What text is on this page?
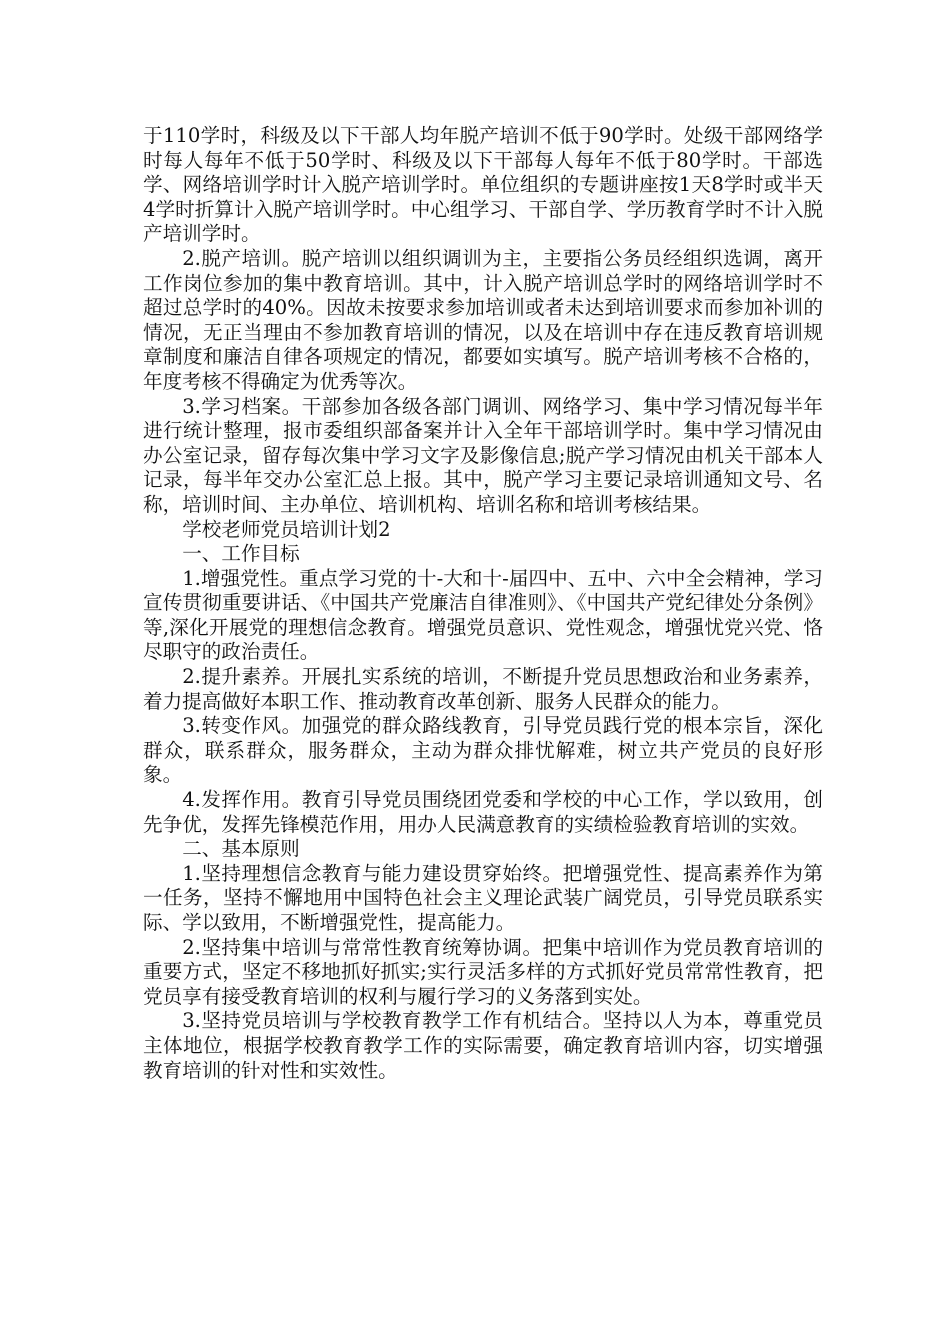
于110学时，科级及以下干部人均年脱产培训不低于90学时。处级干部网络学时每人每年不低于50学时、科级及以下干部每人每年不低于80学时。干部选学、网络培训学时计入脱产培训学时。单位组织的专题讲座按1天8学时或半天4学时折算计入脱产培训学时。中心组学习、干部自学、学历教育学时不计入脱产培训学时。

2.脱产培训。脱产培训以组织调训为主，主要指公务员经组织选调，离开工作岗位参加的集中教育培训。其中，计入脱产培训总学时的网络培训学时不超过总学时的40%。因故未按要求参加培训或者未达到培训要求而参加补训的情况，无正当理由不参加教育培训的情况，以及在培训中存在违反教育培训规章制度和廉洁自律各项规定的情况，都要如实填写。脱产培训考核不合格的，年度考核不得确定为优秀等次。

3.学习档案。干部参加各级各部门调训、网络学习、集中学习情况每半年进行统计整理，报市委组织部备案并计入全年干部培训学时。集中学习情况由办公室记录，留存每次集中学习文字及影像信息;脱产学习情况由机关干部本人记录，每半年交办公室汇总上报。其中，脱产学习主要记录培训通知文号、名称，培训时间、主办单位、培训机构、培训名称和培训考核结果。

学校老师党员培训计划2

一、工作目标

1.增强党性。重点学习党的十-大和十-届四中、五中、六中全会精神，学习宣传贯彻重要讲话、《中国共产党廉洁自律准则》、《中国共产党纪律处分条例》等,深化开展党的理想信念教育。增强党员意识、党性观念，增强忧党兴党、恪尽职守的政治责任。

2.提升素养。开展扎实系统的培训，不断提升党员思想政治和业务素养，着力提高做好本职工作、推动教育改革创新、服务人民群众的能力。

3.转变作风。加强党的群众路线教育，引导党员践行党的根本宗旨，深化群众，联系群众，服务群众，主动为群众排忧解难，树立共产党员的良好形象。

4.发挥作用。教育引导党员围绕团党委和学校的中心工作，学以致用，创先争优，发挥先锋模范作用，用办人民满意教育的实绩检验教育培训的实效。

二、基本原则

1.坚持理想信念教育与能力建设贯穿始终。把增强党性、提高素养作为第一任务，坚持不懈地用中国特色社会主义理论武装广阔党员，引导党员联系实际、学以致用，不断增强党性，提高能力。

2.坚持集中培训与常常性教育统筹协调。把集中培训作为党员教育培训的重要方式，坚定不移地抓好抓实;实行灵活多样的方式抓好党员常常性教育，把党员享有接受教育培训的权利与履行学习的义务落到实处。

3.坚持党员培训与学校教育教学工作有机结合。坚持以人为本，尊重党员主体地位，根据学校教育教学工作的实际需要，确定教育培训内容，切实增强教育培训的针对性和实效性。
